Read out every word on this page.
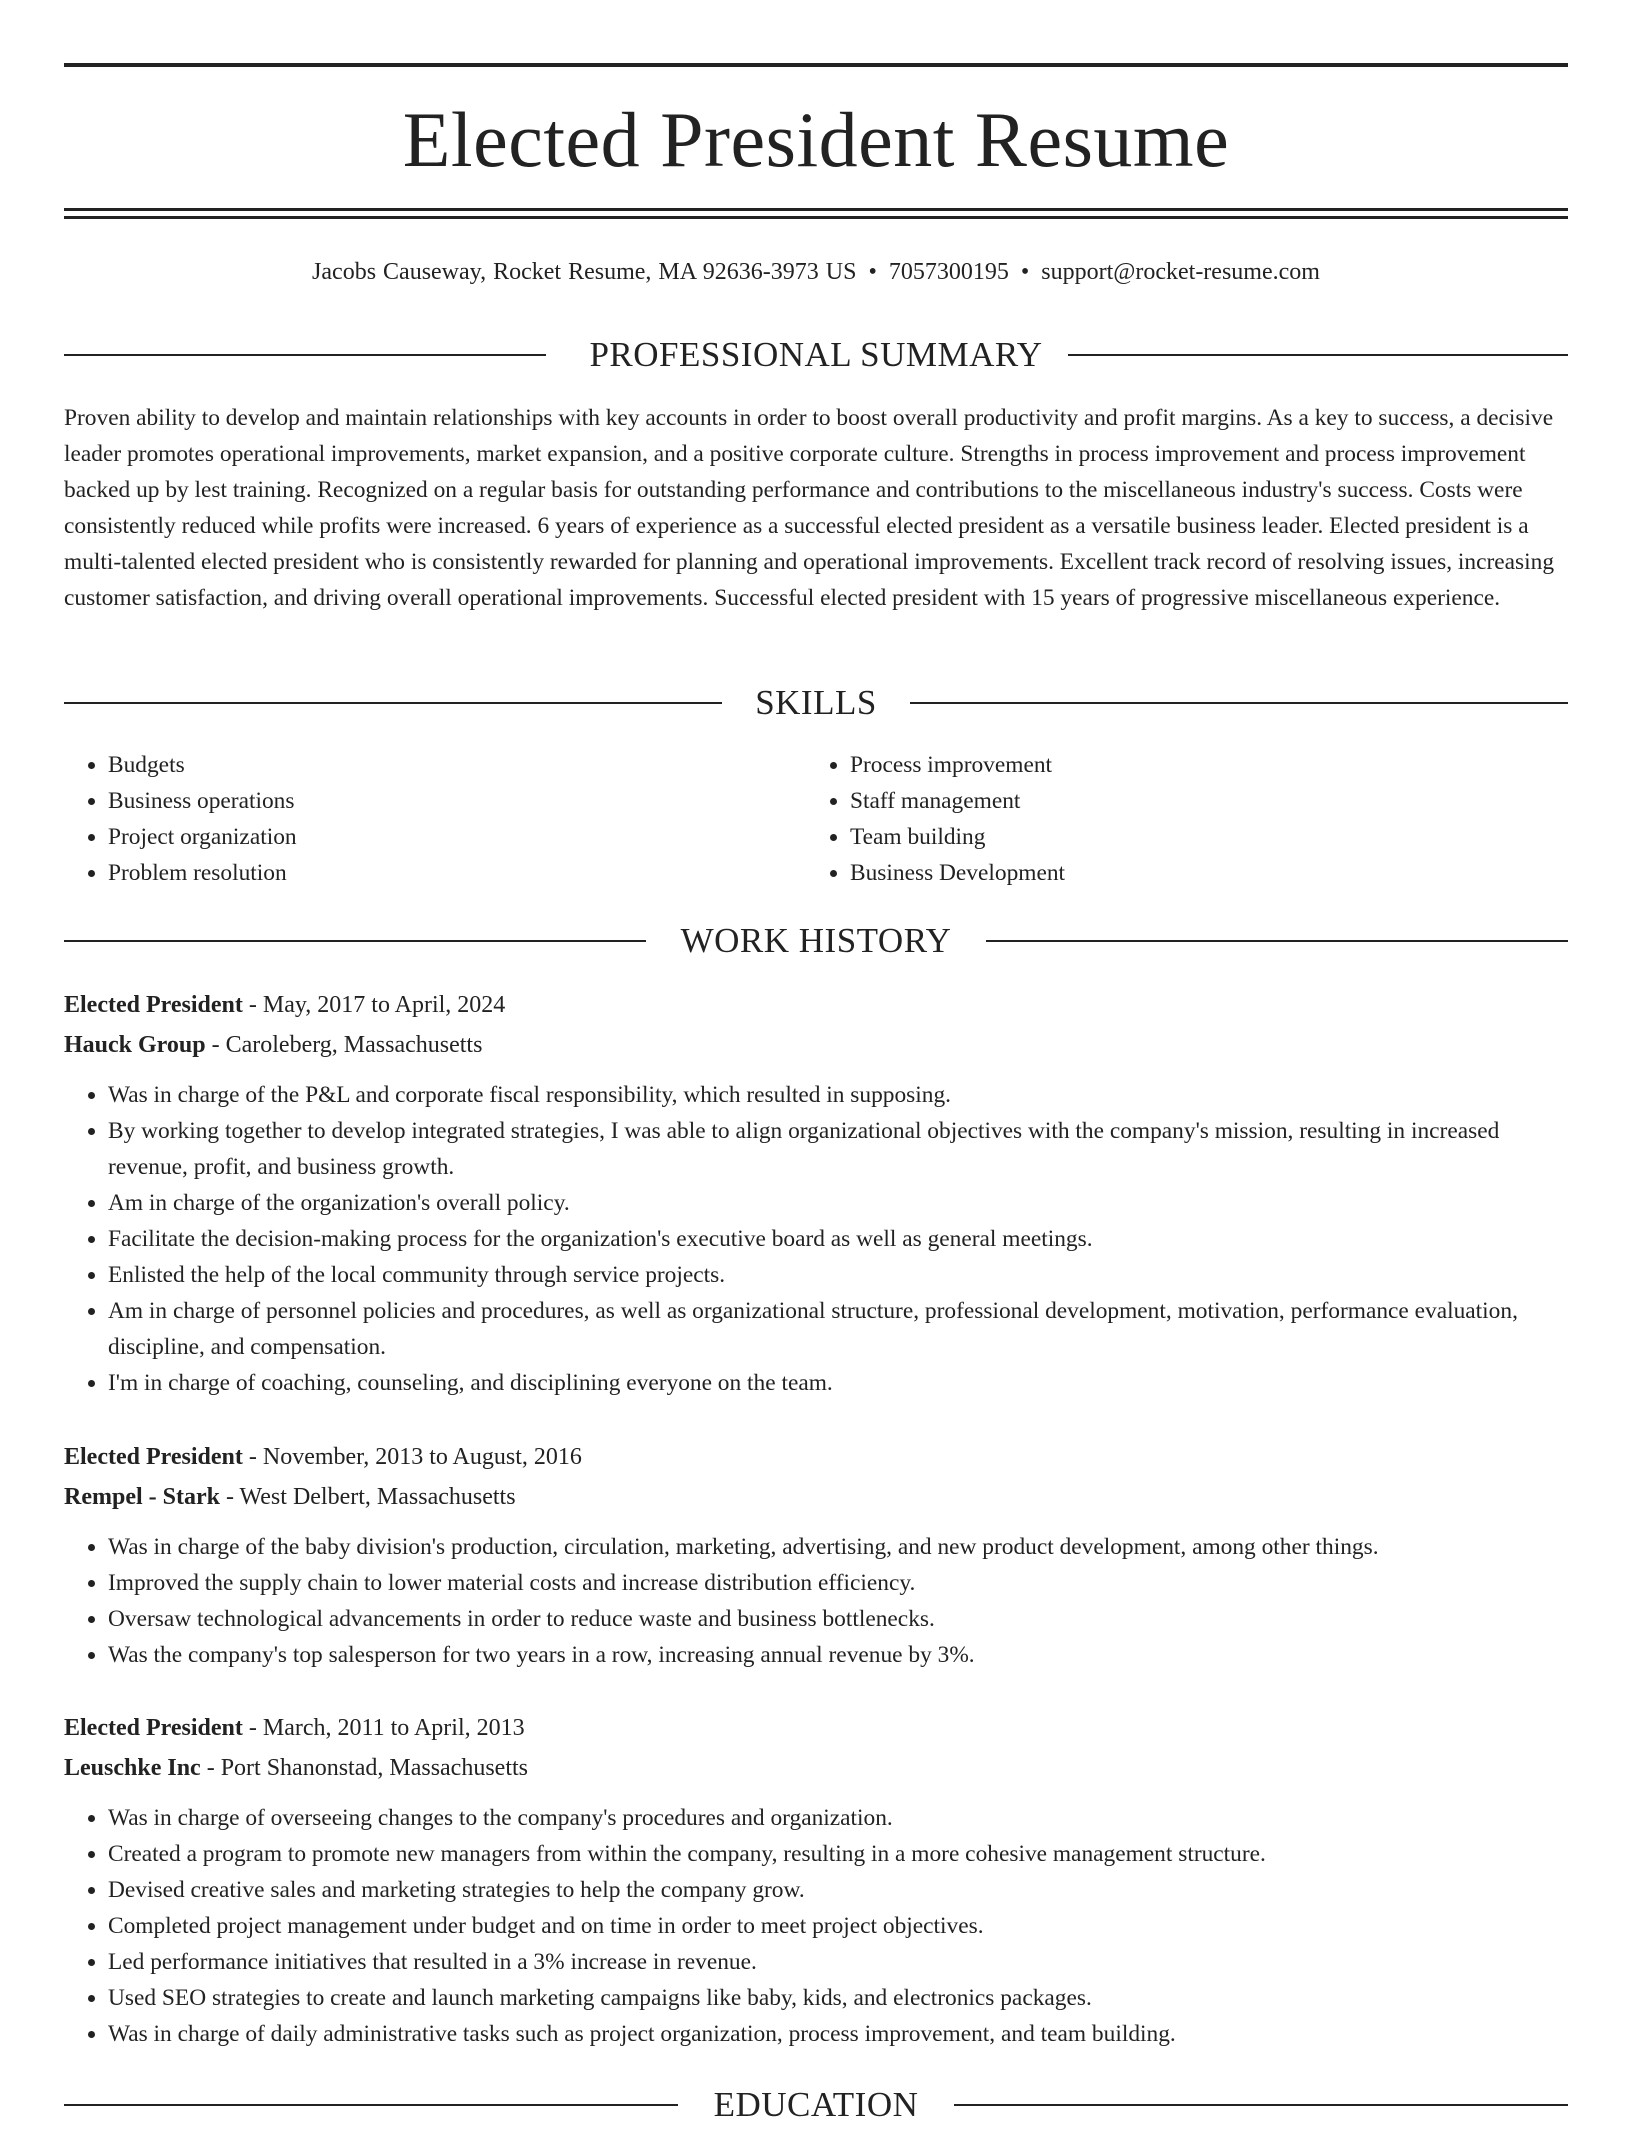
Elected President Resume
Jacobs Causeway, Rocket Resume, MA 92636-3973 US • 7057300195 • support@rocket-resume.com
PROFESSIONAL SUMMARY

Proven ability to develop and maintain relationships with key accounts in order to boost overall productivity and profit margins. As a key to success, a decisive leader promotes operational improvements, market expansion, and a positive corporate culture. Strengths in process improvement and process improvement backed up by lest training. Recognized on a regular basis for outstanding performance and contributions to the miscellaneous industry's success. Costs were consistently reduced while profits were increased. 6 years of experience as a successful elected president as a versatile business leader. Elected president is a multi-talented elected president who is consistently rewarded for planning and operational improvements. Excellent track record of resolving issues, increasing customer satisfaction, and driving overall operational improvements. Successful elected president with 15 years of progressive miscellaneous experience.

SKILLS
• Budgets
• Business operations
• Project organization
• Problem resolution
• Process improvement
• Staff management
• Team building
• Business Development
WORK HISTORY

Elected President - May, 2017 to April, 2024

Hauck Group - Caroleberg, Massachusetts

• Was in charge of the P&L and corporate fiscal responsibility, which resulted in supposing.
• By working together to develop integrated strategies, I was able to align organizational objectives with the company's mission, resulting in increased revenue, profit, and business growth.
• Am in charge of the organization's overall policy.
• Facilitate the decision-making process for the organization's executive board as well as general meetings.
• Enlisted the help of the local community through service projects.
• Am in charge of personnel policies and procedures, as well as organizational structure, professional development, motivation, performance evaluation, discipline, and compensation.
• I'm in charge of coaching, counseling, and disciplining everyone on the team.

Elected President - November, 2013 to August, 2016

Rempel - Stark - West Delbert, Massachusetts

• Was in charge of the baby division's production, circulation, marketing, advertising, and new product development, among other things.
• Improved the supply chain to lower material costs and increase distribution efficiency.
• Oversaw technological advancements in order to reduce waste and business bottlenecks.
• Was the company's top salesperson for two years in a row, increasing annual revenue by 3%.

Elected President - March, 2011 to April, 2013

Leuschke Inc - Port Shanonstad, Massachusetts

• Was in charge of overseeing changes to the company's procedures and organization.
• Created a program to promote new managers from within the company, resulting in a more cohesive management structure.
• Devised creative sales and marketing strategies to help the company grow.
• Completed project management under budget and on time in order to meet project objectives.
• Led performance initiatives that resulted in a 3% increase in revenue.
• Used SEO strategies to create and launch marketing campaigns like baby, kids, and electronics packages.
• Was in charge of daily administrative tasks such as project organization, process improvement, and team building.
EDUCATION
